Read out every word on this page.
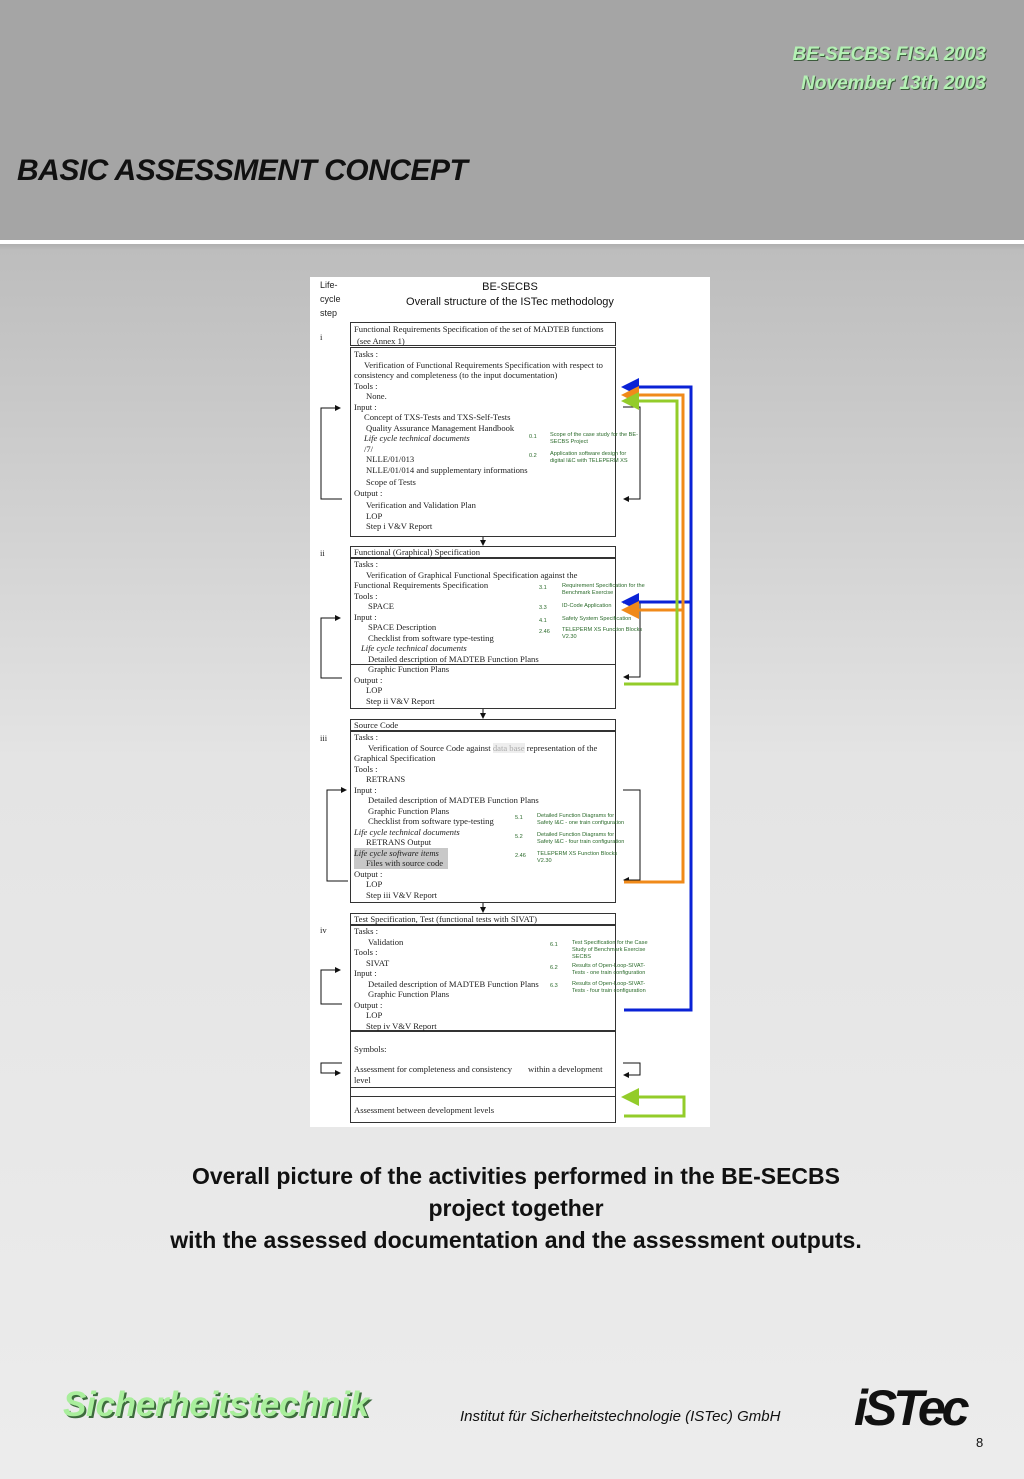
BE-SECBS FISA 2003
November 13th 2003
BASIC ASSESSMENT CONCEPT
Life-
cycle
step
BE-SECBS
Overall structure of the ISTec methodology
i
Functional Requirements Specification of the set of MADTEB functions
(see Annex 1)
Tasks :
Verification of Functional Requirements Specification with respect to
consistency and completeness (to the input documentation)
Tools :
None.
Input :
Concept of TXS-Tests and TXS-Self-Tests
Quality Assurance Management Handbook
Life cycle technical documents
/7/
NLLE/01/013
NLLE/01/014 and supplementary informations
Scope of Tests
Output :
Verification and Validation Plan
LOP
Step i V&V Report
0.1 Scope of the case study for the BE-SECBS Project
0.2 Application software design for digital I&C with TELEPERM XS
ii	Functional (Graphical) Specification
Tasks :
Verification of Graphical Functional Specification against the
Functional Requirements Specification
Tools :
SPACE
Input :
SPACE Description
Checklist from software type-testing
Life cycle technical documents
Detailed description of MADTEB Function Plans
Graphic Function Plans
Output :
LOP
Step ii V&V Report
3.1	Requirement Specification for the Benchmark Exercise
3.3	ID-Code Application
4.1	Safety System Specification
2.46 TELEPERM XS Function Blocks V2.30
iii
Source Code
Tasks :
Verification of Source Code against data base representation of the
Graphical Specification
Tools :
RETRANS
Input :
Detailed description of MADTEB Function Plans
Graphic Function Plans
Checklist from software type-testing
Life cycle technical documents
RETRANS Output
Life cycle software items
Files with source code
Output :
LOP
Step iii V&V Report
5.1	Detailed Function Diagrams for Safety I&C - one train configuration
5.2	Detailed Function Diagrams for Safety I&C - four train configuration
2.46 TELEPERM XS Function Blocks V2.30
iv
Test Specification, Test (functional tests with SIVAT)
Tasks :
Validation
Tools :
SIVAT
Input :
Detailed description of MADTEB Function Plans
Graphic Function Plans
Output :
LOP
Step iv V&V Report
6.1	Test Specification for the Case Study of Benchmark Exercise SECBS
6.2	Results of Open-Loop-SIVAT-Tests - one train configuration
6.3	Results of Open-Loop-SIVAT-Tests - four train configuration
Symbols:
Assessment for completeness and consistency	within a development
level
Assessment between development levels
Overall picture of the activities performed in the BE-SECBS
project together
with the assessed documentation and the assessment outputs.
Sicherheitstechnik	Institut für Sicherheitstechnologie (ISTec) GmbH iSTec
8
